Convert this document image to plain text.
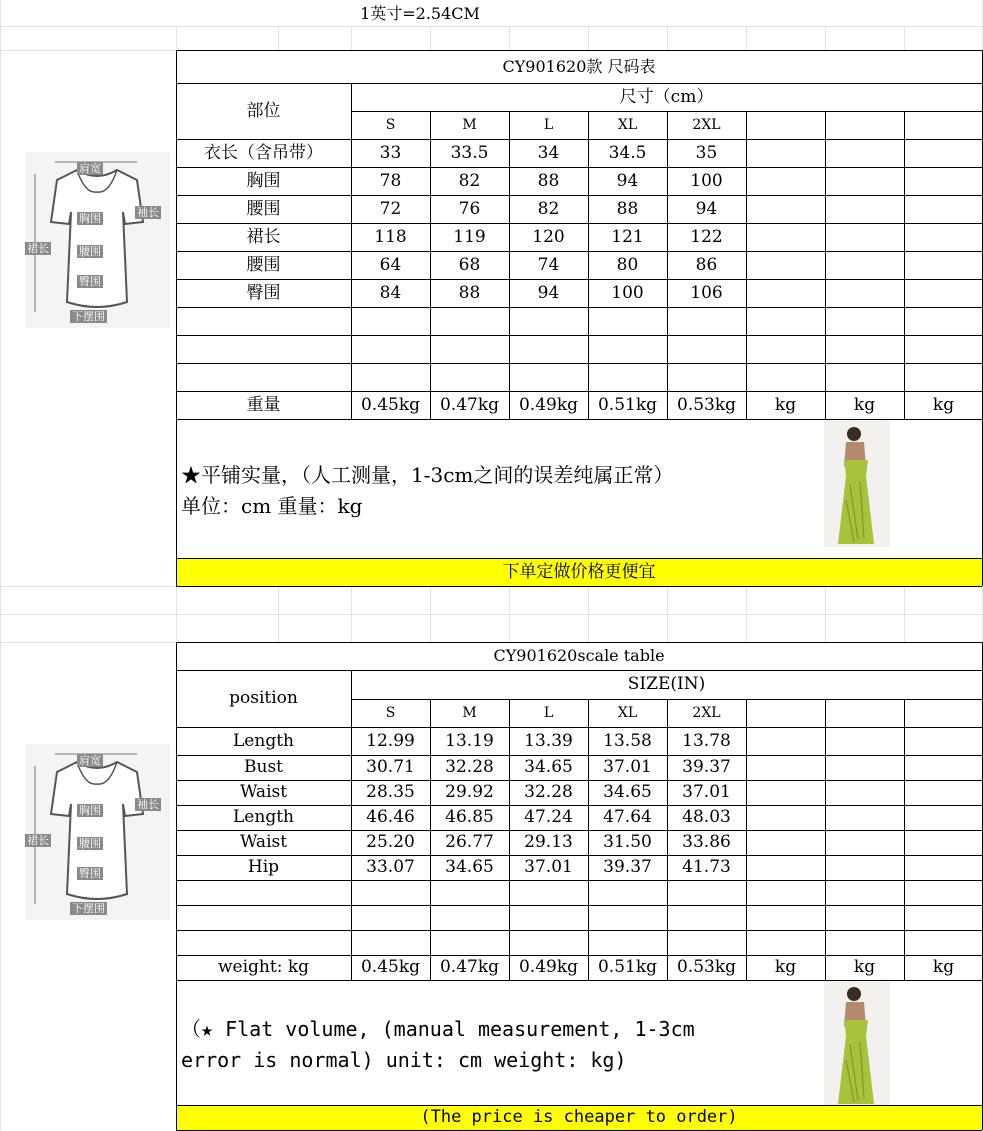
1英寸=2.54CM
肩宽
袖长
胸围
裙长	腰围
臀围
下摆围
CY901620款 尺码表
部位
尺寸（cm）
S	M	L	XL	2XL
衣长（含吊带）	33	33.5	34	34.5	35
胸围	78	82	88	94	100
腰围	72	76	82	88	94
裙长	118	119	120	121	122
腰围	64	68	74	80	86
臀围	84	88	94	100	106
重量	0.45kg	0.47kg	0.49kg	0.51kg	0.53kg	kg	kg	kg
★平铺实量，（人工测量，1-3cm之间的误差纯属正常）
单位：cm 重量：kg
下单定做价格更便宜
肩宽
袖长
胸围
裙长	腰围
臀围
下摆围
CY901620scale table
position
SIZE(IN)
S	M	L	XL	2XL
Length	12.99	13.19	13.39	13.58	13.78
Bust	30.71	32.28	34.65	37.01	39.37
Waist	28.35	29.92	32.28	34.65	37.01
Length	46.46	46.85	47.24	47.64	48.03
Waist	25.20	26.77	29.13	31.50	33.86
Hip	33.07	34.65	37.01	39.37	41.73
weight: kg	0.45kg	0.47kg	0.49kg	0.51kg	0.53kg	kg	kg	kg
（★ Flat volume, (manual measurement, 1-3cm
error is normal) unit: cm weight: kg)
(The price is cheaper to order)
